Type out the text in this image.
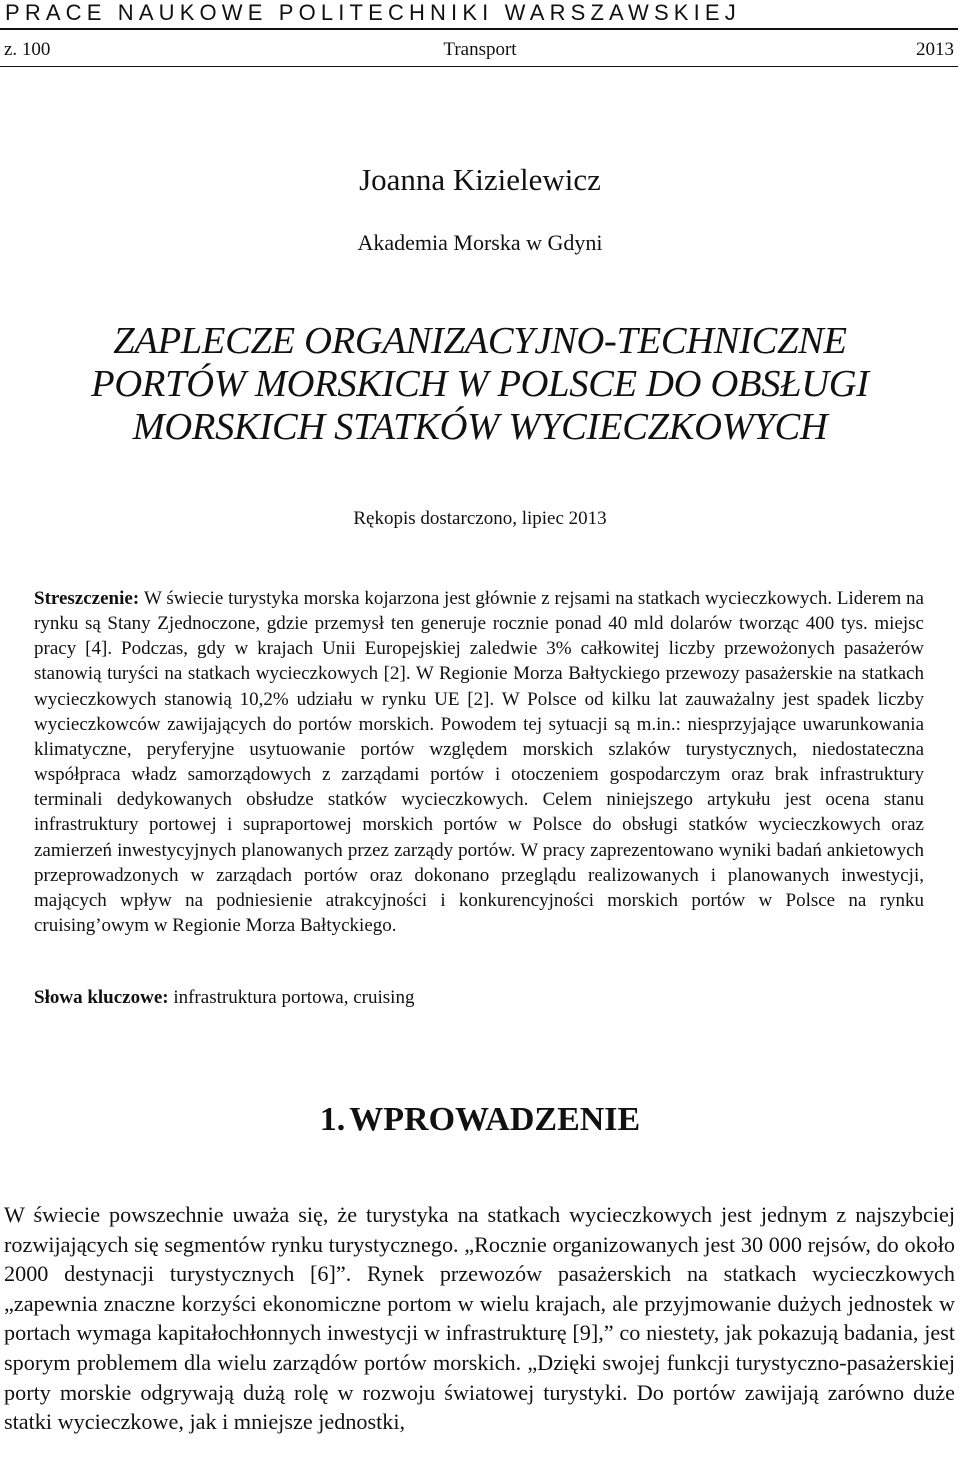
PRACE NAUKOWE POLITECHNIKI WARSZAWSKIEJ
z. 100	Transport	2013
Joanna Kizielewicz
Akademia Morska w Gdyni
ZAPLECZE ORGANIZACYJNO-TECHNICZNE
PORTÓW MORSKICH W POLSCE DO OBSŁUGI
MORSKICH STATKÓW WYCIECZKOWYCH
Rękopis dostarczono, lipiec 2013
Streszczenie: W świecie turystyka morska kojarzona jest głównie z rejsami na statkach wycieczkowych. Liderem na rynku są Stany Zjednoczone, gdzie przemysł ten generuje rocznie ponad 40 mld dolarów tworząc 400 tys. miejsc pracy [4]. Podczas, gdy w krajach Unii Europejskiej zaledwie 3% całkowitej liczby przewożonych pasażerów stanowią turyści na statkach wycieczkowych [2]. W Regionie Morza Bałtyckiego przewozy pasażerskie na statkach wycieczkowych stanowią 10,2% udziału w rynku UE [2]. W Polsce od kilku lat zauważalny jest spadek liczby wycieczkowców zawijających do portów morskich. Powodem tej sytuacji są m.in.: niesprzyjające uwarunkowania klimatyczne, peryferyjne usytuowanie portów względem morskich szlaków turystycznych, niedostateczna współpraca władz samorządowych z zarządami portów i otoczeniem gospodarczym oraz brak infrastruktury terminali dedykowanych obsłudze statków wycieczkowych. Celem niniejszego artykułu jest ocena stanu infrastruktury portowej i supraportowej morskich portów w Polsce do obsługi statków wycieczkowych oraz zamierzeń inwestycyjnych planowanych przez zarządy portów. W pracy zaprezentowano wyniki badań ankietowych przeprowadzonych w zarządach portów oraz dokonano przeglądu realizowanych i planowanych inwestycji, mających wpływ na podniesienie atrakcyjności i konkurencyjności morskich portów w Polsce na rynku cruising’owym w Regionie Morza Bałtyckiego.
Słowa kluczowe: infrastruktura portowa, cruising
1. WPROWADZENIE
W świecie powszechnie uważa się, że turystyka na statkach wycieczkowych jest jednym z najszybciej rozwijających się segmentów rynku turystycznego. „Rocznie organizowanych jest 30 000 rejsów, do około 2000 destynacji turystycznych [6]”. Rynek przewozów pasażerskich na statkach wycieczkowych „zapewnia znaczne korzyści ekonomiczne portom w wielu krajach, ale przyjmowanie dużych jednostek w portach wymaga kapitałochłonnych inwestycji w infrastrukturę [9],” co niestety, jak pokazują badania, jest sporym problemem dla wielu zarządów portów morskich. „Dzięki swojej funkcji turystyczno-pasażerskiej porty morskie odgrywają dużą rolę w rozwoju światowej turystyki. Do portów zawijają zarówno duże statki wycieczkowe, jak i mniejsze jednostki,
